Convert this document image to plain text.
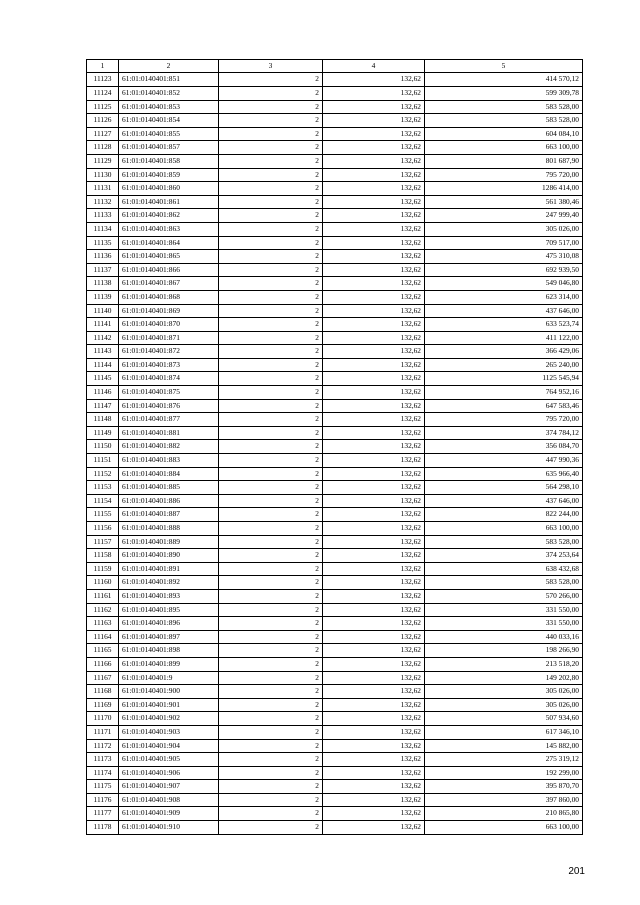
1	2	3	4	5
11123	61:01:0140401:851	2	132,62	414 570,12
11124	61:01:0140401:852	2	132,62	599 309,78
11125	61:01:0140401:853	2	132,62	583 528,00
11126	61:01:0140401:854	2	132,62	583 528,00
11127	61:01:0140401:855	2	132,62	604 084,10
11128	61:01:0140401:857	2	132,62	663 100,00
11129	61:01:0140401:858	2	132,62	801 687,90
11130	61:01:0140401:859	2	132,62	795 720,00
11131	61:01:0140401:860	2	132,62	1286 414,00
11132	61:01:0140401:861	2	132,62	561 380,46
11133	61:01:0140401:862	2	132,62	247 999,40
11134	61:01:0140401:863	2	132,62	305 026,00
11135	61:01:0140401:864	2	132,62	709 517,00
11136	61:01:0140401:865	2	132,62	475 310,08
11137	61:01:0140401:866	2	132,62	692 939,50
11138	61:01:0140401:867	2	132,62	549 046,80
11139	61:01:0140401:868	2	132,62	623 314,00
11140	61:01:0140401:869	2	132,62	437 646,00
11141	61:01:0140401:870	2	132,62	633 523,74
11142	61:01:0140401:871	2	132,62	411 122,00
11143	61:01:0140401:872	2	132,62	366 429,06
11144	61:01:0140401:873	2	132,62	265 240,00
11145	61:01:0140401:874	2	132,62	1125 545,94
11146	61:01:0140401:875	2	132,62	764 952,16
11147	61:01:0140401:876	2	132,62	647 583,46
11148	61:01:0140401:877	2	132,62	795 720,00
11149	61:01:0140401:881	2	132,62	374 784,12
11150	61:01:0140401:882	2	132,62	356 084,70
11151	61:01:0140401:883	2	132,62	447 990,36
11152	61:01:0140401:884	2	132,62	635 966,40
11153	61:01:0140401:885	2	132,62	564 298,10
11154	61:01:0140401:886	2	132,62	437 646,00
11155	61:01:0140401:887	2	132,62	822 244,00
11156	61:01:0140401:888	2	132,62	663 100,00
11157	61:01:0140401:889	2	132,62	583 528,00
11158	61:01:0140401:890	2	132,62	374 253,64
11159	61:01:0140401:891	2	132,62	638 432,68
11160	61:01:0140401:892	2	132,62	583 528,00
11161	61:01:0140401:893	2	132,62	570 266,00
11162	61:01:0140401:895	2	132,62	331 550,00
11163	61:01:0140401:896	2	132,62	331 550,00
11164	61:01:0140401:897	2	132,62	440 033,16
11165	61:01:0140401:898	2	132,62	198 266,90
11166	61:01:0140401:899	2	132,62	213 518,20
11167	61:01:0140401:9	2	132,62	149 202,80
11168	61:01:0140401:900	2	132,62	305 026,00
11169	61:01:0140401:901	2	132,62	305 026,00
11170	61:01:0140401:902	2	132,62	507 934,60
11171	61:01:0140401:903	2	132,62	617 346,10
11172	61:01:0140401:904	2	132,62	145 882,00
11173	61:01:0140401:905	2	132,62	275 319,12
11174	61:01:0140401:906	2	132,62	192 299,00
11175	61:01:0140401:907	2	132,62	395 870,70
11176	61:01:0140401:908	2	132,62	397 860,00
11177	61:01:0140401:909	2	132,62	210 865,80
11178	61:01:0140401:910	2	132,62	663 100,00
201
